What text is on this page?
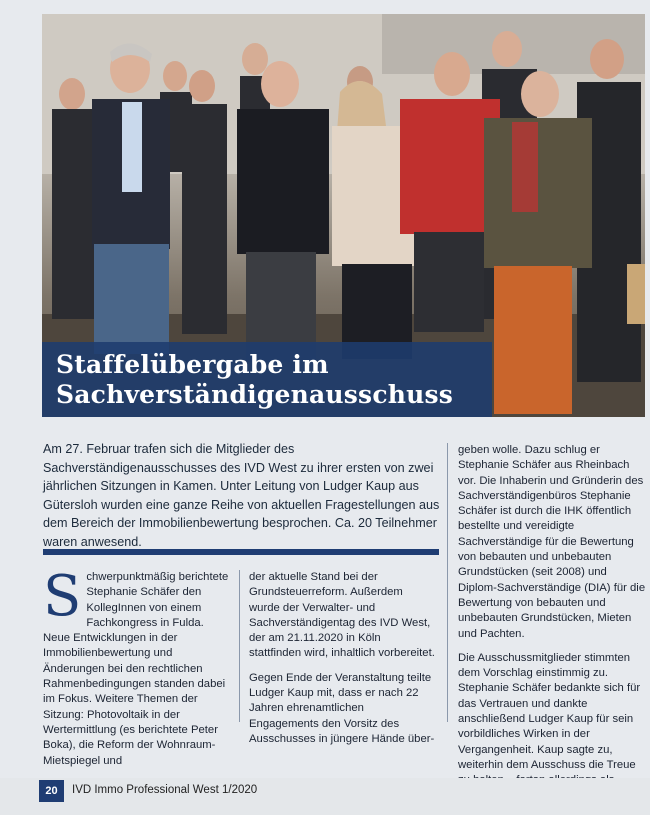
Staffelübergabe im
Sachverständigenausschuss

Am 27. Februar trafen sich die Mitglieder des Sachverständigenausschusses des IVD West zu ihrer ersten von zwei jährlichen Sitzungen in Kamen. Unter Leitung von Ludger Kaup aus Gütersloh wurden eine ganze Reihe von aktuellen Fragestellungen aus dem Bereich der Immobilienbewertung besprochen. Ca. 20 Teilnehmer waren anwesend.

S chwerpunktmäßig berichtete Stephanie Schäfer den KollegInnen von einem Fachkongress in Fulda. Neue Entwicklungen in der Immobilienbewertung und Änderungen bei den rechtlichen Rahmenbedingungen standen dabei im Fokus. Weitere Themen der Sitzung: Photovoltaik in der Wertermittlung (es berichtete Peter Boka), die Reform der Wohnraum-Mietspiegel und

der aktuelle Stand bei der Grundsteuerreform. Außerdem wurde der Verwalter- und Sachverständigentag des IVD West, der am 21.11.2020 in Köln stattfinden wird, inhaltlich vorbereitet.

Gegen Ende der Veranstaltung teilte Ludger Kaup mit, dass er nach 22 Jahren ehrenamtlichen Engagements den Vorsitz des Ausschusses in jüngere Hände über-

geben wolle. Dazu schlug er Stephanie Schäfer aus Rheinbach vor. Die Inhaberin und Gründerin des Sachverständigenbüros Stephanie Schäfer ist durch die IHK öffentlich bestellte und vereidigte Sachverständige für die Bewertung von bebauten und unbebauten Grundstücken (seit 2008) und Diplom-Sachverständige (DIA) für die Bewertung von bebauten und unbebauten Grundstücken, Mieten und Pachten.

Die Ausschussmitglieder stimmten dem Vorschlag einstimmig zu. Stephanie Schäfer bedankte sich für das Vertrauen und dankte anschließend Ludger Kaup für sein vorbildliches Wirken in der Vergangenheit. Kaup sagte zu, weiterhin dem Ausschuss die Treue

20	IVD Immo Professional West 1/2020
